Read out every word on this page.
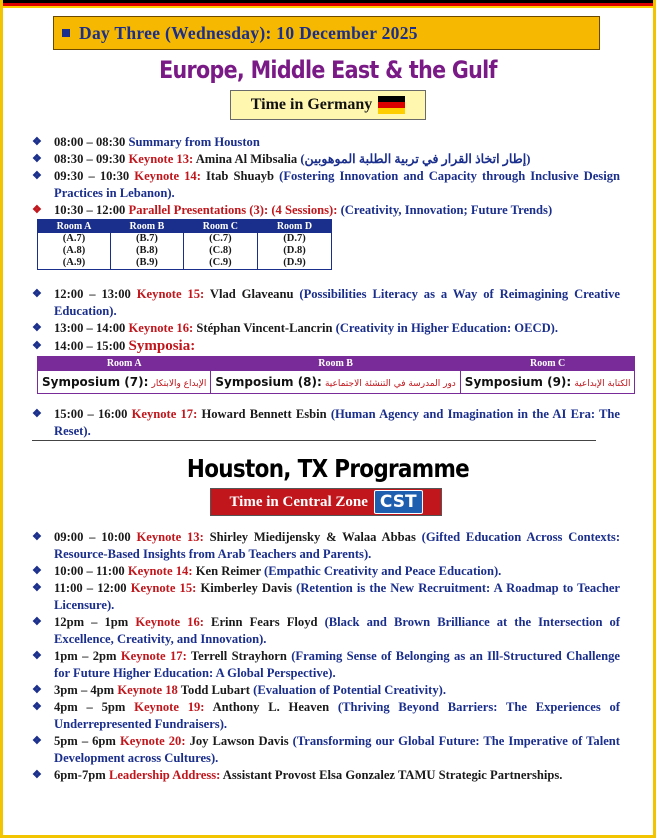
Day Three (Wednesday): 10 December 2025
Europe, Middle East & the Gulf
Time in Germany
❖ 08:00 – 08:30 Summary from Houston
❖ 08:30 – 09:30 Keynote 13: Amina Al Mibsalia (إطار اتخاذ القرار في تربية الطلبة الموهوبين)
❖ 09:30 – 10:30 Keynote 14: Itab Shuayb (Fostering Innovation and Capacity through Inclusive Design Practices in Lebanon).
❖ 10:30 – 12:00 Parallel Presentations (3): (4 Sessions): (Creativity, Innovation; Future Trends)
Room A	Room B	Room C	Room D
(A.7)	(B.7)	(C.7)	(D.7)
(A.8)	(B.8)	(C.8)	(D.8)
(A.9)	(B.9)	(C.9)	(D.9)
❖ 12:00 – 13:00 Keynote 15: Vlad Glaveanu (Possibilities Literacy as a Way of Reimagining Creative Education).
❖ 13:00 – 14:00 Keynote 16: Stéphan Vincent-Lancrin (Creativity in Higher Education: OECD).
❖ 14:00 – 15:00 Symposia:
Room A	Room B	Room C
Symposium (7): الإبداع والابتكار	Symposium (8): دور المدرسة في التنشئة الاجتماعية	Symposium (9): الكتابة الإبداعية
❖ 15:00 – 16:00 Keynote 17: Howard Bennett Esbin (Human Agency and Imagination in the AI Era: The Reset).
Houston, TX Programme
Time in Central Zone CST
❖ 09:00 – 10:00 Keynote 13: Shirley Miedijensky & Walaa Abbas (Gifted Education Across Contexts: Resource-Based Insights from Arab Teachers and Parents).
❖ 10:00 – 11:00 Keynote 14: Ken Reimer (Empathic Creativity and Peace Education).
❖ 11:00 – 12:00 Keynote 15: Kimberley Davis (Retention is the New Recruitment: A Roadmap to Teacher Licensure).
❖ 12pm – 1pm Keynote 16: Erinn Fears Floyd (Black and Brown Brilliance at the Intersection of Excellence, Creativity, and Innovation).
❖ 1pm – 2pm Keynote 17: Terrell Strayhorn (Framing Sense of Belonging as an Ill-Structured Challenge for Future Higher Education: A Global Perspective).
❖ 3pm – 4pm Keynote 18 Todd Lubart (Evaluation of Potential Creativity).
❖ 4pm – 5pm Keynote 19: Anthony L. Heaven (Thriving Beyond Barriers: The Experiences of Underrepresented Fundraisers).
❖ 5pm – 6pm Keynote 20: Joy Lawson Davis (Transforming our Global Future: The Imperative of Talent Development across Cultures).
❖ 6pm-7pm Leadership Address: Assistant Provost Elsa Gonzalez TAMU Strategic Partnerships.
